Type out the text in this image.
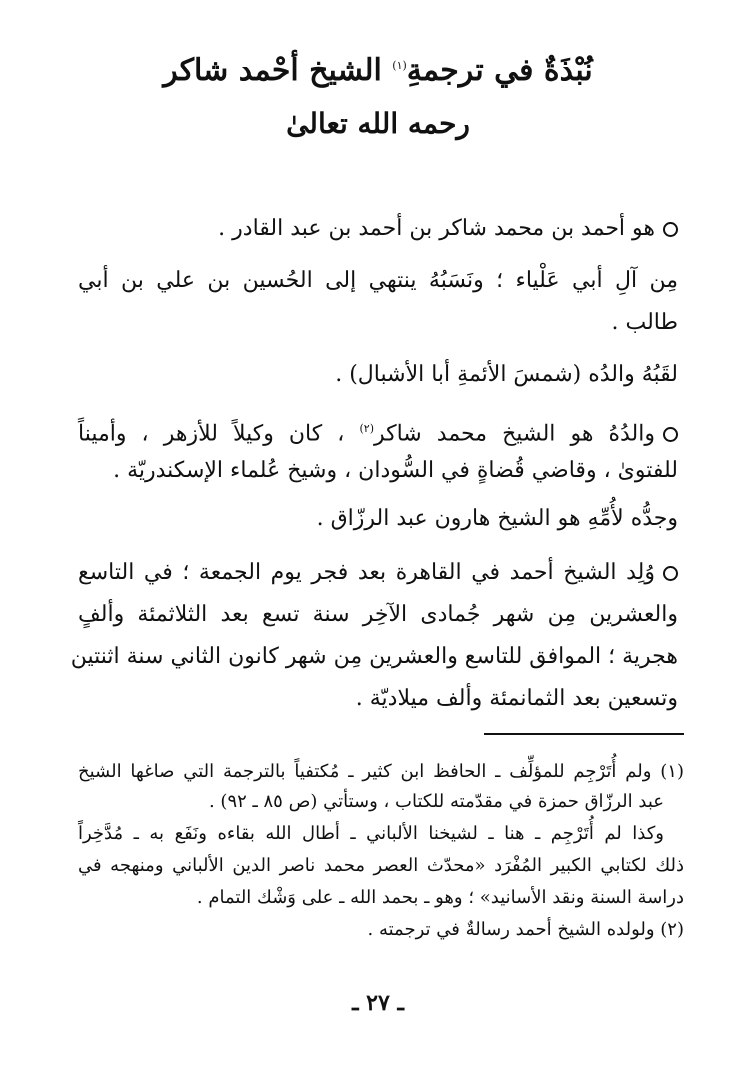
نُبْذَةٌ في ترجمةِ$^{(١)}$ الشيخ أحْمد شاكر
رحمه الله تعالىٰ
هو أحمد بن محمد شاكر بن أحمد بن عبد القادر .
مِن آلِ أبي عَلْياء ؛ ونَسَبُهُ ينتهي إلى الحُسين بن علي بن أبي
طالب .
لقَبُهُ والدُه (شمسَ الأئمةِ أبا الأشبال) .
والدُهُ هو الشيخ محمد شاكر$^{(٢)}$ ، كان وكيلاً للأزهر ، وأميناً
للفتوىٰ ، وقاضي قُضاةٍ في السُّودان ، وشيخ عُلماء الإسكندريّة .
وجدُّه لأُمِّهِ هو الشيخ هارون عبد الرزّاق .
وُلِد الشيخ أحمد في القاهرة بعد فجر يوم الجمعة ؛ في التاسع
والعشرين مِن شهر جُمادى الآخِر سنة تسع بعد الثلاثمئة وألفٍ
هجرية ؛ الموافق للتاسع والعشرين مِن شهر كانون الثاني سنة اثنتين
وتسعين بعد الثمانمئة وألف ميلاديّة .
(١) ولم أُتَرْجِم للمؤلِّف ـ الحافظ ابن كثير ـ مُكتفياً بالترجمة التي صاغها الشيخ
عبد الرزّاق حمزة في مقدّمته للكتاب ، وستأتي (ص ٨٥ ـ ٩٢) .
وكذا لم أُتَرْجِم ـ هنا ـ لشيخنا الألباني ـ أطال الله بقاءه ونَفَع به ـ مُدَّخِراً
ذلك لكتابي الكبير المُفْرَد «محدّث العصر محمد ناصر الدين الألباني ومنهجه في
دراسة السنة ونقد الأسانيد» ؛ وهو ـ بحمد الله ـ على وَشْك التمام .
(٢) ولولده الشيخ أحمد رسالةٌ في ترجمته .
ـ ٢٧ ـ
